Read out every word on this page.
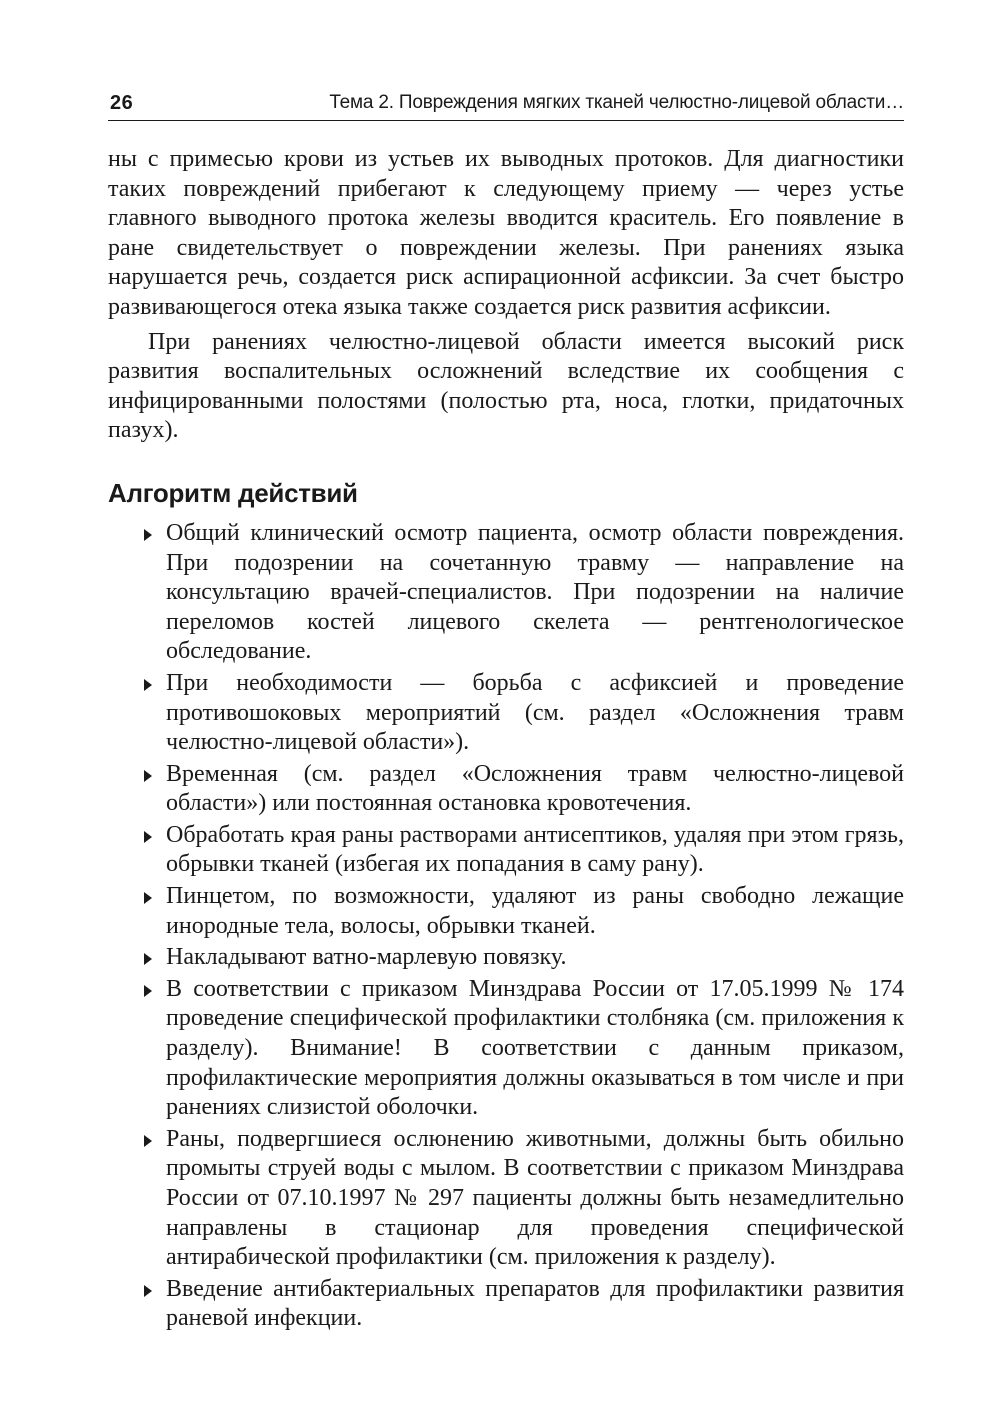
26	Тема 2. Повреждения мягких тканей челюстно-лицевой области…

ны с примесью крови из устьев их выводных протоков. Для диагностики таких повреждений прибегают к следующему приему — через устье главного выводного протока железы вводится краситель. Его появление в ране свидетельствует о повреждении железы. При ранениях языка нарушается речь, создается риск аспирационной асфиксии. За счет быстро развивающегося отека языка также создается риск развития асфиксии.

При ранениях челюстно-лицевой области имеется высокий риск развития воспалительных осложнений вследствие их сообщения с инфицированными полостями (полостью рта, носа, глотки, придаточных пазух).

Алгоритм действий
Общий клинический осмотр пациента, осмотр области повреждения. При подозрении на сочетанную травму — направление на консультацию врачей-специалистов. При подозрении на наличие переломов костей лицевого скелета — рентгенологическое обследование.
При необходимости — борьба с асфиксией и проведение противошоковых мероприятий (см. раздел «Осложнения травм челюстно-лицевой области»).
Временная (см. раздел «Осложнения травм челюстно-лицевой области») или постоянная остановка кровотечения.
Обработать края раны растворами антисептиков, удаляя при этом грязь, обрывки тканей (избегая их попадания в саму рану).
Пинцетом, по возможности, удаляют из раны свободно лежащие инородные тела, волосы, обрывки тканей.
Накладывают ватно-марлевую повязку.
В соответствии с приказом Минздрава России от 17.05.1999 № 174 проведение специфической профилактики столбняка (см. приложения к разделу). Внимание! В соответствии с данным приказом, профилактические мероприятия должны оказываться в том числе и при ранениях слизистой оболочки.
Раны, подвергшиеся ослюнению животными, должны быть обильно промыты струей воды с мылом. В соответствии с приказом Минздрава России от 07.10.1997 № 297 пациенты должны быть незамедлительно направлены в стационар для проведения специфической антирабической профилактики (см. приложения к разделу).
Введение антибактериальных препаратов для профилактики развития раневой инфекции.
